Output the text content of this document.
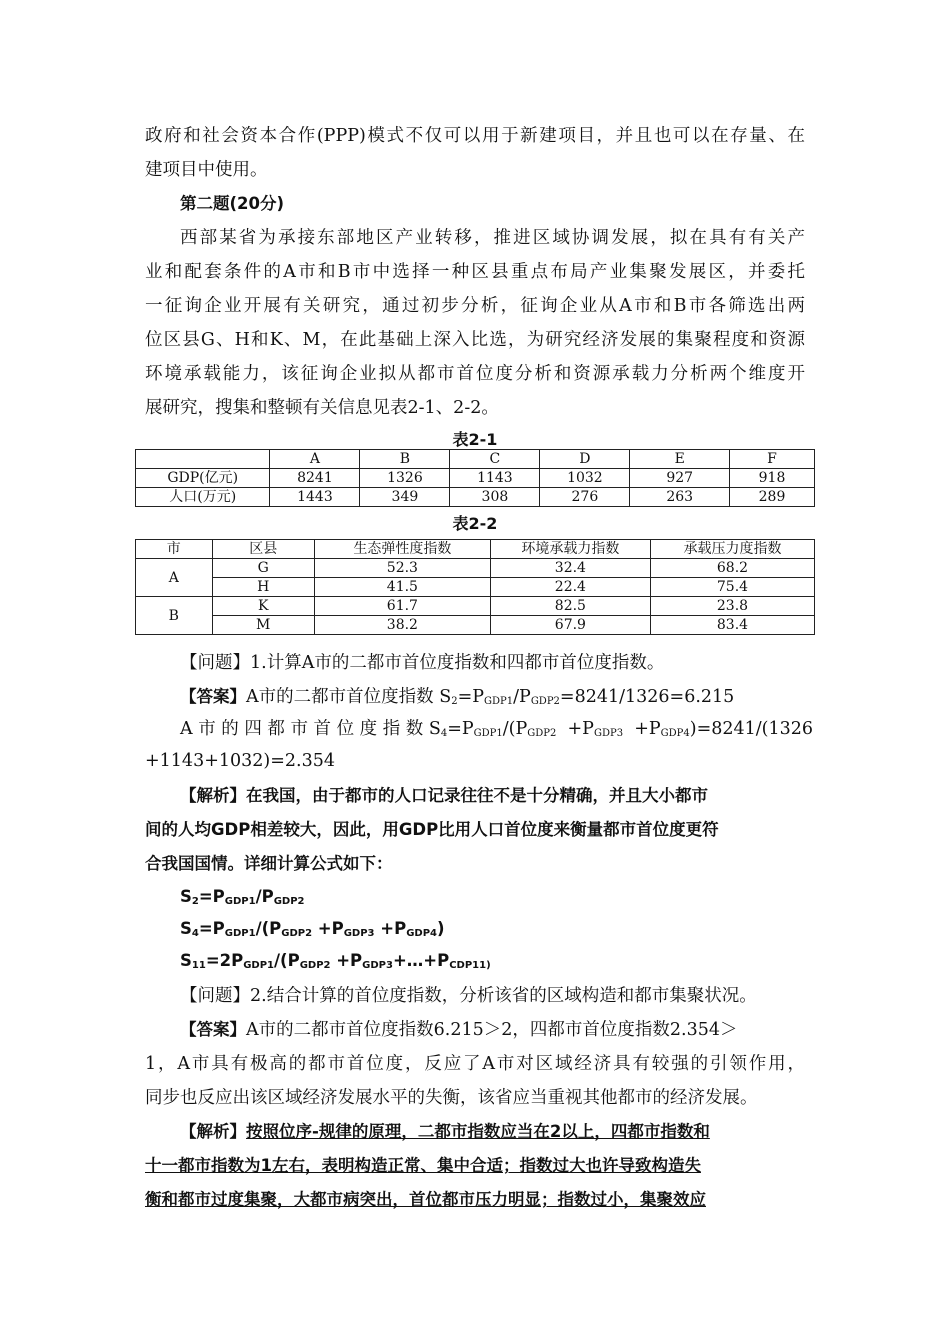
政府和社会资本合作(PPP)模式不仅可以用于新建项目，并且也可以在存量、在
建项目中使用。
第二题(20分)
西部某省为承接东部地区产业转移，推进区域协调发展，拟在具有有关产
业和配套条件的A市和B市中选择一种区县重点布局产业集聚发展区，并委托
一征询企业开展有关研究，通过初步分析，征询企业从A市和B市各筛选出两
位区县G、H和K、M，在此基础上深入比选，为研究经济发展的集聚程度和资源
环境承载能力，该征询企业拟从都市首位度分析和资源承载力分析两个维度开
展研究，搜集和整顿有关信息见表2-1、2-2。
表2-1
	A	B	C	D	E	F
GDP(亿元)	8241	1326	1143	1032	927	918
人口(万元)	1443	349	308	276	263	289
表2-2
市	区县	生态弹性度指数	环境承载力指数	承载压力度指数
A	G	52.3	32.4	68.2
	H	41.5	22.4	75.4
B	K	61.7	82.5	23.8
	M	38.2	67.9	83.4
【问题】1.计算A市的二都市首位度指数和四都市首位度指数。
【答案】A市的二都市首位度指数 $S_2=P_{GDP1}/P_{GDP2}=8241/1326=6.215$
A 市 的 四 都 市 首 位 度 指 数 $S_4=P_{GDP1}/(P_{GDP2} +P_{GDP3} +P_{GDP4})=8241/(1326$
+1143+1032)=2.354
【解析】在我国，由于都市的人口记录往往不是十分精确，并且大小都市
间的人均GDP相差较大，因此，用GDP比用人口首位度来衡量都市首位度更符
合我国国情。详细计算公式如下：
$S_2=P_{GDP1}/P_{GDP2}$
$S_4=P_{GDP1}/(P_{GDP2} +P_{GDP3} +P_{GDP4})$
$S_{11}=2P_{GDP1}/(P_{GDP2}$ $+P_{GDP3}+\dots+P_{CDP11)}$
【问题】2.结合计算的首位度指数，分析该省的区域构造和都市集聚状况。
【答案】A市的二都市首位度指数6.215＞2，四都市首位度指数2.354＞
1，A市具有极高的都市首位度，反应了A市对区域经济具有较强的引领作用，
同步也反应出该区域经济发展水平的失衡，该省应当重视其他都市的经济发展。
【解析】按照位序-规律的原理，二都市指数应当在2以上，四都市指数和
十一都市指数为1左右，表明构造正常、集中合适；指数过大也许导致构造失
衡和都市过度集聚，大都市病突出，首位都市压力明显；指数过小，集聚效应
